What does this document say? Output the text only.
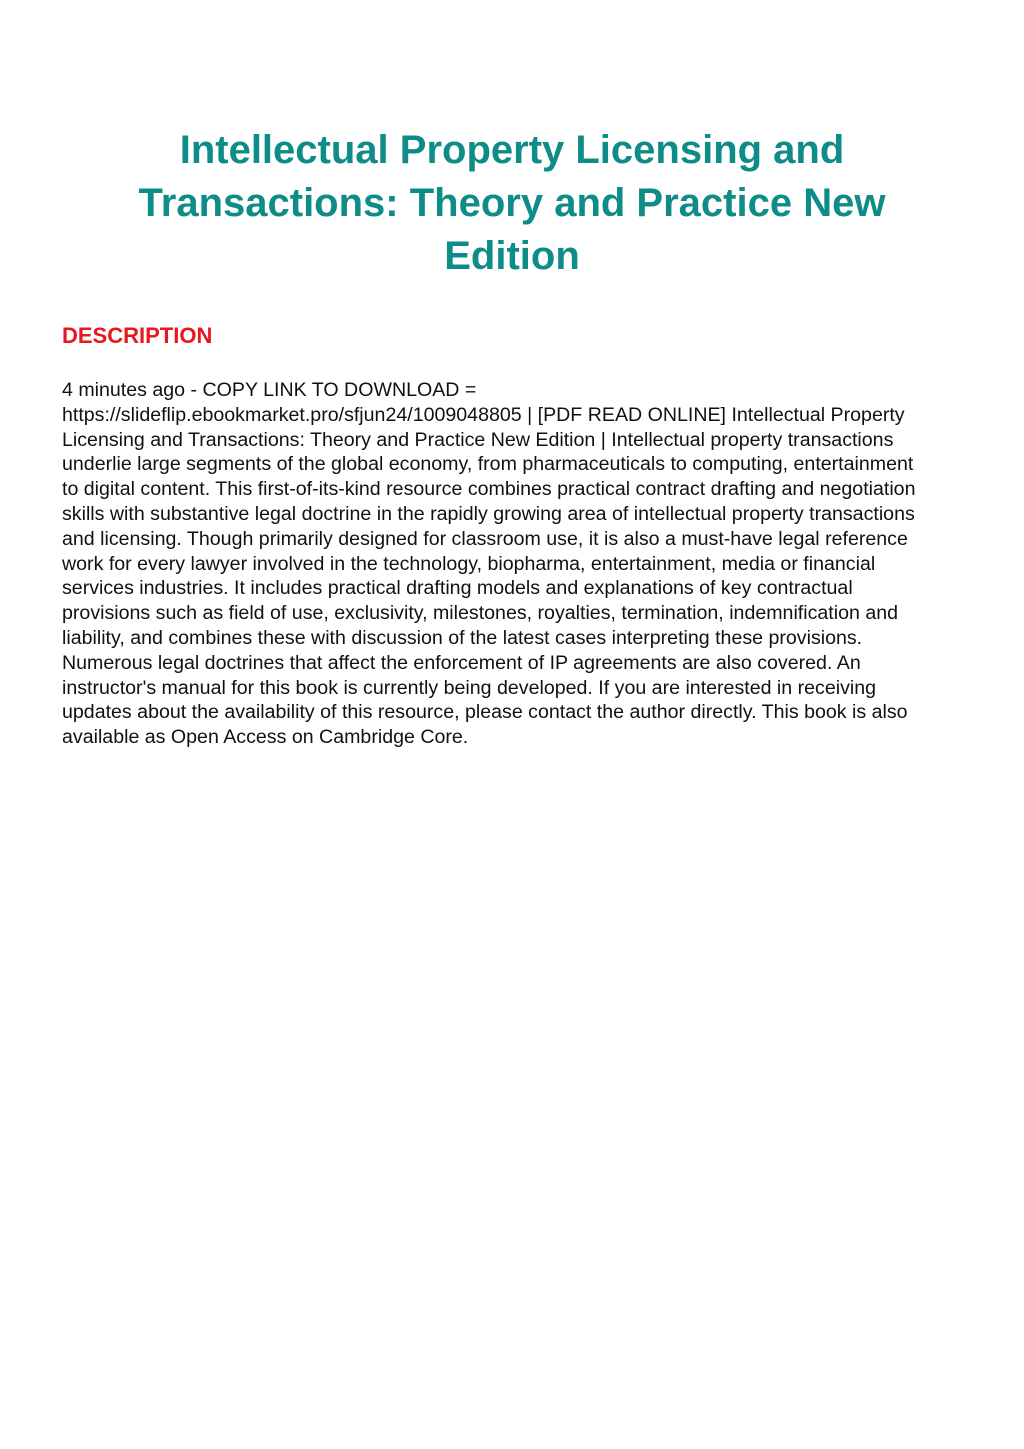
Intellectual Property Licensing and Transactions: Theory and Practice New Edition
DESCRIPTION

4 minutes ago - COPY LINK TO DOWNLOAD =
https://slideflip.ebookmarket.pro/sfjun24/1009048805 | [PDF READ ONLINE] Intellectual Property
Licensing and Transactions: Theory and Practice New Edition | Intellectual property transactions
underlie large segments of the global economy, from pharmaceuticals to computing, entertainment
to digital content. This first-of-its-kind resource combines practical contract drafting and negotiation
skills with substantive legal doctrine in the rapidly growing area of intellectual property transactions
and licensing. Though primarily designed for classroom use, it is also a must-have legal reference
work for every lawyer involved in the technology, biopharma, entertainment, media or financial
services industries. It includes practical drafting models and explanations of key contractual
provisions such as field of use, exclusivity, milestones, royalties, termination, indemnification and
liability, and combines these with discussion of the latest cases interpreting these provisions.
Numerous legal doctrines that affect the enforcement of IP agreements are also covered. An
instructor's manual for this book is currently being developed. If you are interested in receiving
updates about the availability of this resource, please contact the author directly. This book is also
available as Open Access on Cambridge Core.
